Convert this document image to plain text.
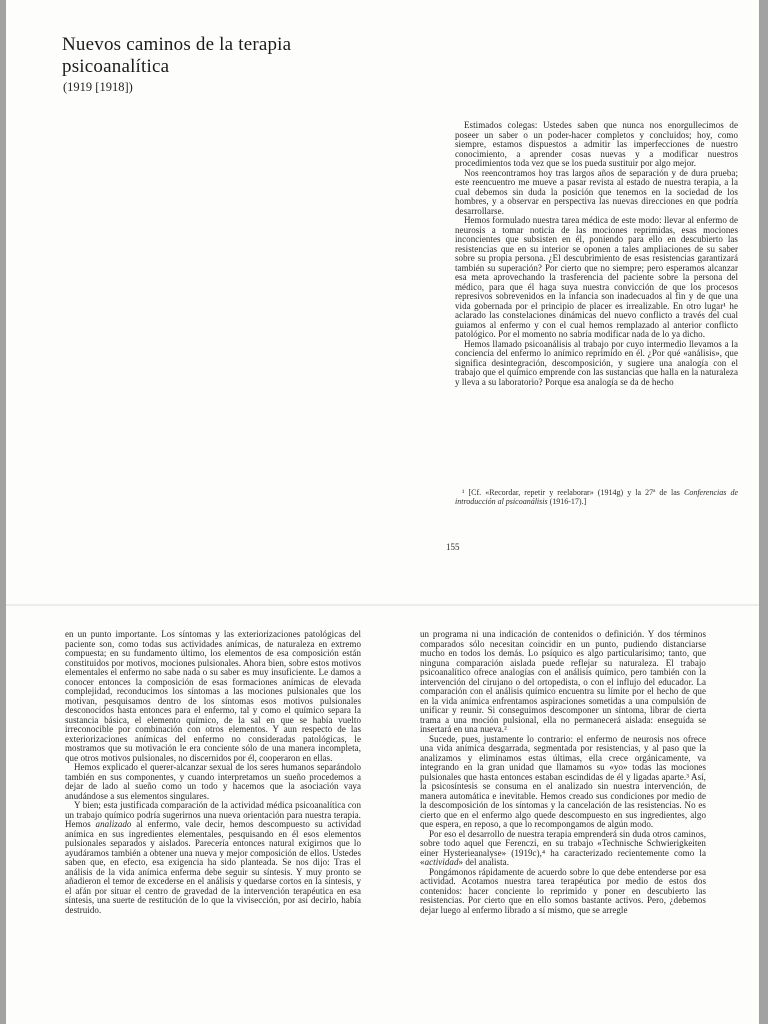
Nuevos caminos de la terapia
psicoanalítica
(1919 [1918])

Estimados colegas: Ustedes saben que nunca nos enorgullecimos de poseer un saber o un poder-hacer completos y concluidos; hoy, como siempre, estamos dispuestos a admitir las imperfecciones de nuestro conocimiento, a aprender cosas nuevas y a modificar nuestros procedimientos toda vez que se los pueda sustituir por algo mejor.

Nos reencontramos hoy tras largos años de separación y de dura prueba; este reencuentro me mueve a pasar revista al estado de nuestra terapia, a la cual debemos sin duda la posición que tenemos en la sociedad de los hombres, y a observar en perspectiva las nuevas direcciones en que podría desarrollarse.

Hemos formulado nuestra tarea médica de este modo: llevar al enfermo de neurosis a tomar noticia de las mociones reprimidas, esas mociones inconcientes que subsisten en él, poniendo para ello en descubierto las resistencias que en su interior se oponen a tales ampliaciones de su saber sobre su propia persona. ¿El descubrimiento de esas resistencias garantizará también su superación? Por cierto que no siempre; pero esperamos alcanzar esa meta aprovechando la trasferencia del paciente sobre la persona del médico, para que él haga suya nuestra convicción de que los procesos represivos sobrevenidos en la infancia son inadecuados al fin y de que una vida gobernada por el principio de placer es irrealizable. En otro lugar¹ he aclarado las constelaciones dinámicas del nuevo conflicto a través del cual guiamos al enfermo y con el cual hemos remplazado al anterior conflicto patológico. Por el momento no sabría modificar nada de lo ya dicho.

Hemos llamado psicoanálisis al trabajo por cuyo intermedio llevamos a la conciencia del enfermo lo anímico reprimido en él. ¿Por qué «análisis», que significa desintegración, descomposición, y sugiere una analogía con el trabajo que el químico emprende con las sustancias que halla en la naturaleza y lleva a su laboratorio? Porque esa analogía se da de hecho

¹ [Cf. «Recordar, repetir y reelaborar» (1914g) y la 27ª de las Conferencias de introducción al psicoanálisis (1916-17).]
155

en un punto importante. Los síntomas y las exteriorizaciones patológicas del paciente son, como todas sus actividades anímicas, de naturaleza en extremo compuesta; en su fundamento último, los elementos de esa composición están constituidos por motivos, mociones pulsionales. Ahora bien, sobre estos motivos elementales el enfermo no sabe nada o su saber es muy insuficiente. Le damos a conocer entonces la composición de esas formaciones anímicas de elevada complejidad, reconducimos los síntomas a las mociones pulsionales que los motivan, pesquisamos dentro de los síntomas esos motivos pulsionales desconocidos hasta entonces para el enfermo, tal y como el químico separa la sustancia básica, el elemento químico, de la sal en que se había vuelto irreconocible por combinación con otros elementos. Y aun respecto de las exteriorizaciones anímicas del enfermo no consideradas patológicas, le mostramos que su motivación le era conciente sólo de una manera incompleta, que otros motivos pulsionales, no discernidos por él, cooperaron en ellas.

Hemos explicado el querer-alcanzar sexual de los seres humanos separándolo también en sus componentes, y cuando interpretamos un sueño procedemos a dejar de lado al sueño como un todo y hacemos que la asociación vaya anudándose a sus elementos singulares.

Y bien; esta justificada comparación de la actividad médica psicoanalítica con un trabajo químico podría sugerirnos una nueva orientación para nuestra terapia. Hemos analizado al enfermo, vale decir, hemos descompuesto su actividad anímica en sus ingredientes elementales, pesquisando en él esos elementos pulsionales separados y aislados. Parecería entonces natural exigirnos que lo ayudáramos también a obtener una nueva y mejor composición de ellos. Ustedes saben que, en efecto, esa exigencia ha sido planteada. Se nos dijo: Tras el análisis de la vida anímica enferma debe seguir su síntesis. Y muy pronto se añadieron el temor de excederse en el análisis y quedarse cortos en la síntesis, y el afán por situar el centro de gravedad de la intervención terapéutica en esa síntesis, una suerte de restitución de lo que la vivisección, por así decirlo, había destruido.

un programa ni una indicación de contenidos o definición. Y dos términos comparados sólo necesitan coincidir en un punto, pudiendo distanciarse mucho en todos los demás. Lo psíquico es algo particularísimo; tanto, que ninguna comparación aislada puede reflejar su naturaleza. El trabajo psicoanalítico ofrece analogías con el análisis químico, pero también con la intervención del cirujano o del ortopedista, o con el influjo del educador. La comparación con el análisis químico encuentra su límite por el hecho de que en la vida anímica enfrentamos aspiraciones sometidas a una compulsión de unificar y reunir. Si conseguimos descomponer un síntoma, librar de cierta trama a una moción pulsional, ella no permanecerá aislada: enseguida se insertará en una nueva.²

Sucede, pues, justamente lo contrario: el enfermo de neurosis nos ofrece una vida anímica desgarrada, segmentada por resistencias, y al paso que la analizamos y eliminamos estas últimas, ella crece orgánicamente, va integrando en la gran unidad que llamamos su «yo» todas las mociones pulsionales que hasta entonces estaban escindidas de él y ligadas aparte.³ Así, la psicosíntesis se consuma en el analizado sin nuestra intervención, de manera automática e inevitable. Hemos creado sus condiciones por medio de la descomposición de los síntomas y la cancelación de las resistencias. No es cierto que en el enfermo algo quede descompuesto en sus ingredientes, algo que espera, en reposo, a que lo recompongamos de algún modo.

Por eso el desarrollo de nuestra terapia emprenderá sin duda otros caminos, sobre todo aquel que Ferenczi, en su trabajo «Technische Schwierigkeiten einer Hysterieanalyse» (1919c),⁴ ha caracterizado recientemente como la «actividad» del analista.

Pongámonos rápidamente de acuerdo sobre lo que debe entenderse por esa actividad. Acotamos nuestra tarea terapéutica por medio de estos dos contenidos: hacer conciente lo reprimido y poner en descubierto las resistencias. Por cierto que en ello somos bastante activos. Pero, ¿debemos dejar luego al enfermo librado a sí mismo, que se arregle
